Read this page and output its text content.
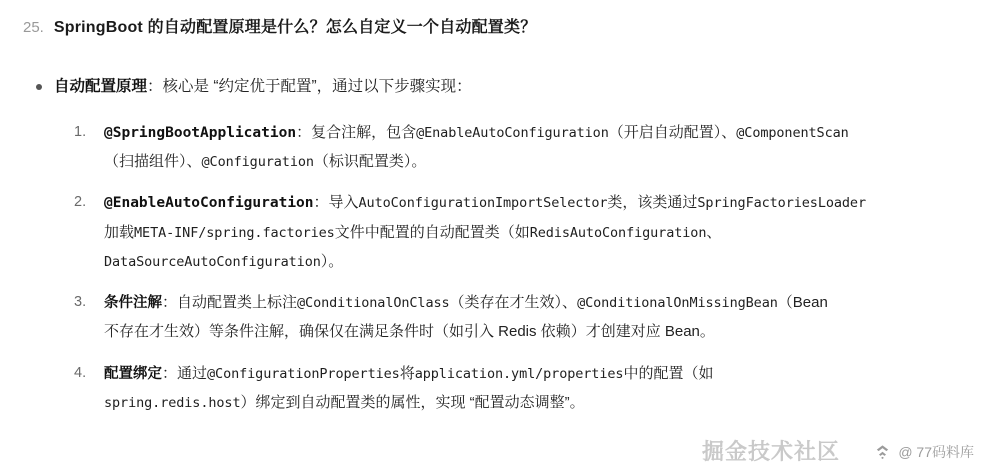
25. SpringBoot 的自动配置原理是什么？怎么自定义一个自动配置类？
自动配置原理：核心是 “约定优于配置”，通过以下步骤实现：
1. @SpringBootApplication：复合注解，包含@EnableAutoConfiguration（开启自动配置）、@ComponentScan
（扫描组件）、@Configuration（标识配置类）。
2. @EnableAutoConfiguration：导入AutoConfigurationImportSelector类，该类通过SpringFactoriesLoader
加载META-INF/spring.factories文件中配置的自动配置类（如RedisAutoConfiguration、
DataSourceAutoConfiguration）。
3. 条件注解：自动配置类上标注@ConditionalOnClass（类存在才生效）、@ConditionalOnMissingBean（Bean
不存在才生效）等条件注解，确保仅在满足条件时（如引入 Redis 依赖）才创建对应 Bean。
4. 配置绑定：通过@ConfigurationProperties将application.yml/properties中的配置（如
spring.redis.host）绑定到自动配置类的属性，实现 “配置动态调整”。
掘金技术社区	@ 77码料库
